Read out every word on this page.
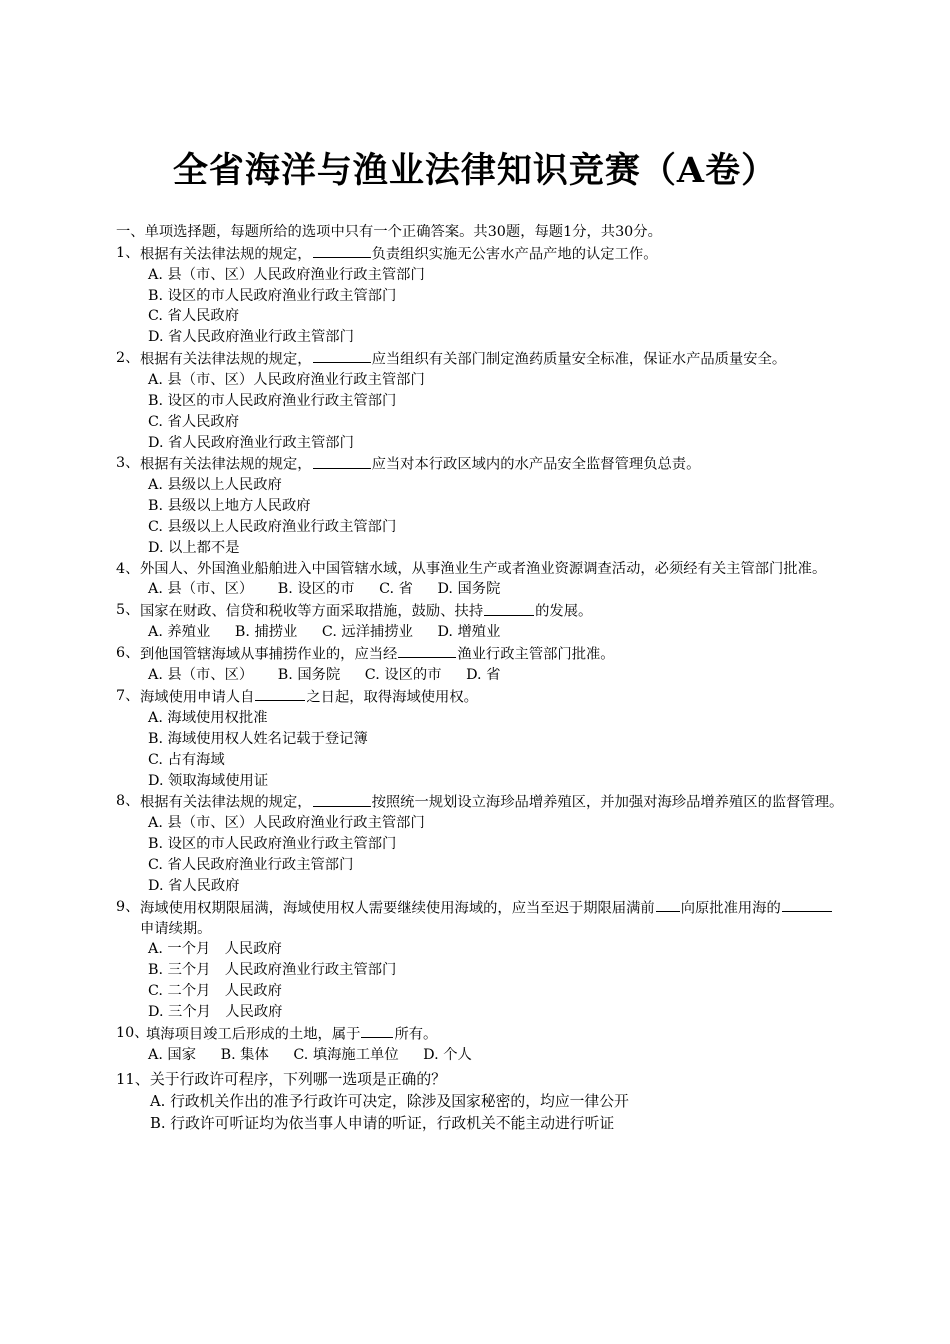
全省海洋与渔业法律知识竞赛（A卷）
一、单项选择题，每题所给的选项中只有一个正确答案。共30题，每题1分，共30分。
1、 根据有关法律法规的规定，	负责组织实施无公害水产品产地的认定工作。
A. 县（市、区）人民政府渔业行政主管部门
B. 设区的市人民政府渔业行政主管部门
C. 省人民政府
D. 省人民政府渔业行政主管部门
2、 根据有关法律法规的规定，	应当组织有关部门制定渔药质量安全标准，保证水产品质量安全。
A. 县（市、区）人民政府渔业行政主管部门
B. 设区的市人民政府渔业行政主管部门
C. 省人民政府
D. 省人民政府渔业行政主管部门
3、 根据有关法律法规的规定，	应当对本行政区域内的水产品安全监督管理负总责。
A. 县级以上人民政府
B. 县级以上地方人民政府
C. 县级以上人民政府渔业行政主管部门
D. 以上都不是
4、 外国人、外国渔业船舶进入中国管辖水域，从事渔业生产或者渔业资源调查活动，必须经有关主管部门批准。
A. 县（市、区） B. 设区的市 C. 省 D. 国务院
5、 国家在财政、信贷和税收等方面采取措施，鼓励、扶持	的发展。
A. 养殖业 B. 捕捞业 C. 远洋捕捞业 D. 增殖业
6、 到他国管辖海域从事捕捞作业的，应当经	渔业行政主管部门批准。
A. 县（市、区） B. 国务院 C. 设区的市 D. 省
7、 海域使用申请人自	之日起，取得海域使用权。
A. 海域使用权批准
B. 海域使用权人姓名记载于登记簿
C. 占有海域
D. 领取海域使用证
8、 根据有关法律法规的规定，	按照统一规划设立海珍品增养殖区，并加强对海珍品增养殖区的监督管理。
A. 县（市、区）人民政府渔业行政主管部门
B. 设区的市人民政府渔业行政主管部门
C. 省人民政府渔业行政主管部门
D. 省人民政府
9、 海域使用权期限届满，海域使用权人需要继续使用海域的，应当至迟于期限届满前 向原批准用海的申请续期。
A. 一个月　人民政府
B. 三个月　人民政府渔业行政主管部门
C. 二个月　人民政府
D. 三个月　人民政府
10、
填海项目竣工后形成的土地，属于 所有。
A. 国家 B. 集体 C. 填海施工单位 D. 个人
11、 关于行政许可程序，下列哪一选项是正确的？
A. 行政机关作出的准予行政许可决定，除涉及国家秘密的，均应一律公开
B. 行政许可听证均为依当事人申请的听证，行政机关不能主动进行听证
